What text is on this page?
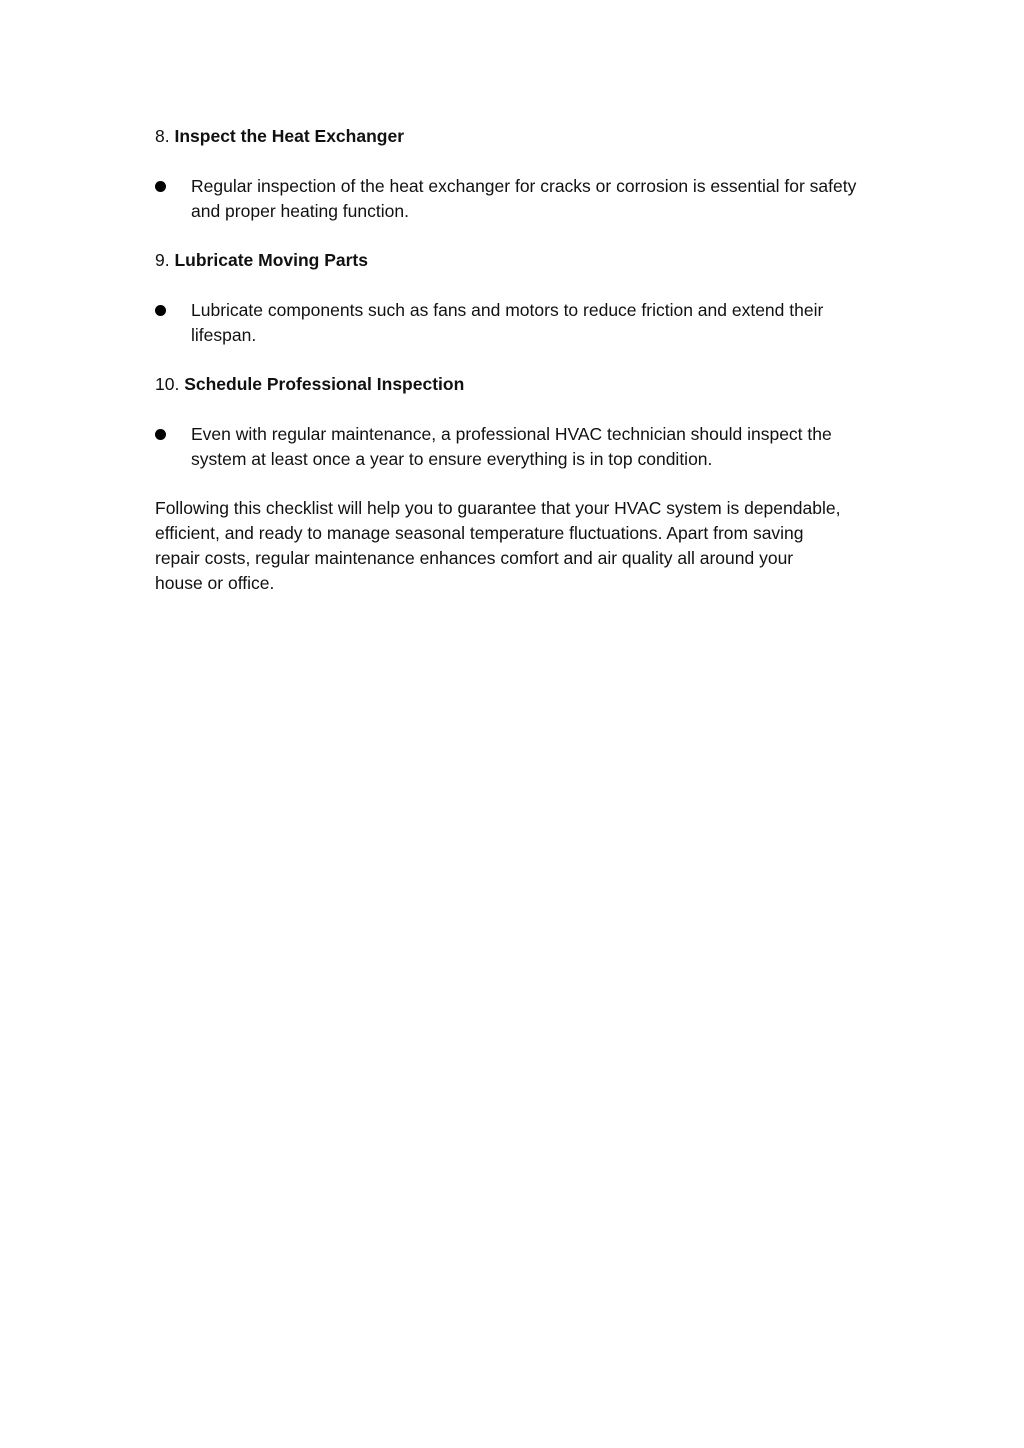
8. Inspect the Heat Exchanger
Regular inspection of the heat exchanger for cracks or corrosion is essential for safety and proper heating function.
9. Lubricate Moving Parts
Lubricate components such as fans and motors to reduce friction and extend their lifespan.
10. Schedule Professional Inspection
Even with regular maintenance, a professional HVAC technician should inspect the system at least once a year to ensure everything is in top condition.

Following this checklist will help you to guarantee that your HVAC system is dependable, efficient, and ready to manage seasonal temperature fluctuations. Apart from saving repair costs, regular maintenance enhances comfort and air quality all around your house or office.
